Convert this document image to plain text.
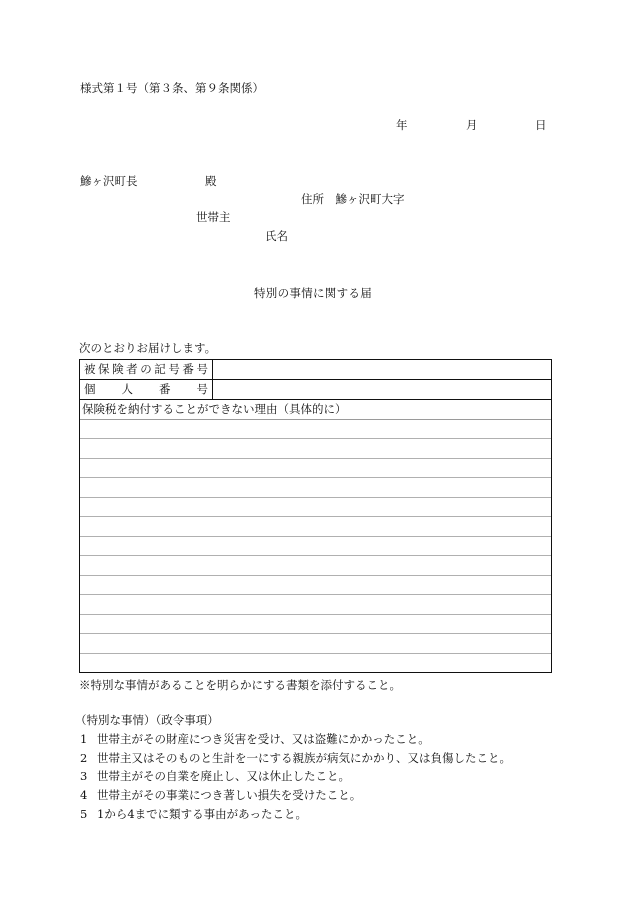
様式第１号（第３条、第９条関係）
年	月	日
鰺ヶ沢町長	殿
住所　鰺ヶ沢町大字
世帯主
氏名
特別の事情に関する届
次のとおりお届けします。
被保険者の記号番号
個人番号
保険税を納付することができない理由（具体的に）
※特別な事情があることを明らかにする書類を添付すること。
（特別な事情）（政令事項）
1 世帯主がその財産につき災害を受け、又は盗難にかかったこと。
2 世帯主又はそのものと生計を一にする親族が病気にかかり、又は負傷したこと。
3 世帯主がその自業を廃止し、又は休止したこと。
4 世帯主がその事業につき著しい損失を受けたこと。
5 1から4までに類する事由があったこと。
